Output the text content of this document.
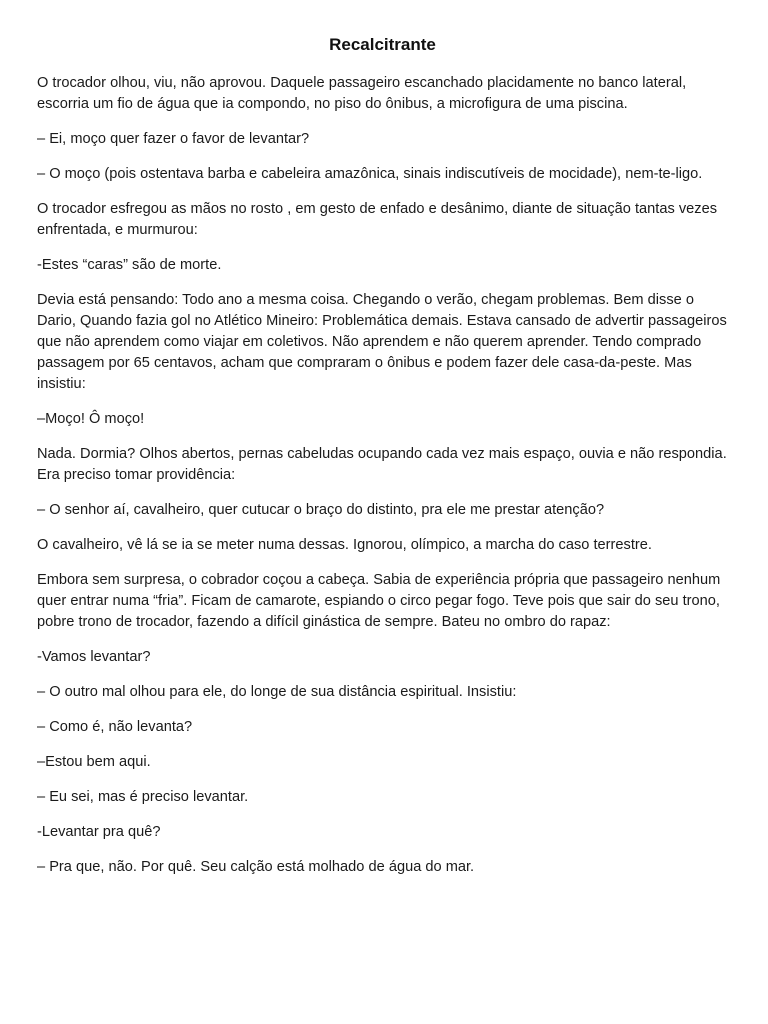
Recalcitrante

O trocador olhou, viu, não aprovou. Daquele passageiro escanchado placidamente no banco lateral, escorria um fio de água que ia compondo, no piso do ônibus, a microfigura de uma piscina.

– Ei, moço quer fazer o favor de levantar?

– O moço (pois ostentava barba e cabeleira amazônica, sinais indiscutíveis de mocidade), nem-te-ligo.

O trocador esfregou as mãos no rosto , em gesto de enfado e desânimo, diante de situação tantas vezes enfrentada, e murmurou:

-Estes “caras” são de morte.

Devia está pensando: Todo ano a mesma coisa. Chegando o verão, chegam problemas. Bem disse o Dario, Quando fazia gol no Atlético Mineiro: Problemática demais. Estava cansado de advertir passageiros que não aprendem como viajar em coletivos. Não aprendem e não querem aprender. Tendo comprado passagem por 65 centavos, acham que compraram o ônibus e podem fazer dele casa-da-peste. Mas insistiu:

–Moço! Ô moço!

Nada. Dormia? Olhos abertos, pernas cabeludas ocupando cada vez mais espaço, ouvia e não respondia. Era preciso tomar providência:

– O senhor aí, cavalheiro, quer cutucar o braço do distinto, pra ele me prestar atenção?

O cavalheiro, vê lá se ia se meter numa dessas. Ignorou, olímpico, a marcha do caso terrestre.

Embora sem surpresa, o cobrador coçou a cabeça. Sabia de experiência própria que passageiro nenhum quer entrar numa “fria”. Ficam de camarote, espiando o circo pegar fogo. Teve pois que sair do seu trono, pobre trono de trocador, fazendo a difícil ginástica de sempre. Bateu no ombro do rapaz:

-Vamos levantar?

– O outro mal olhou para ele, do longe de sua distância espiritual. Insistiu:

– Como é, não levanta?

–Estou bem aqui.

– Eu sei, mas é preciso levantar.

-Levantar pra quê?

– Pra que, não. Por quê. Seu calção está molhado de água do mar.
